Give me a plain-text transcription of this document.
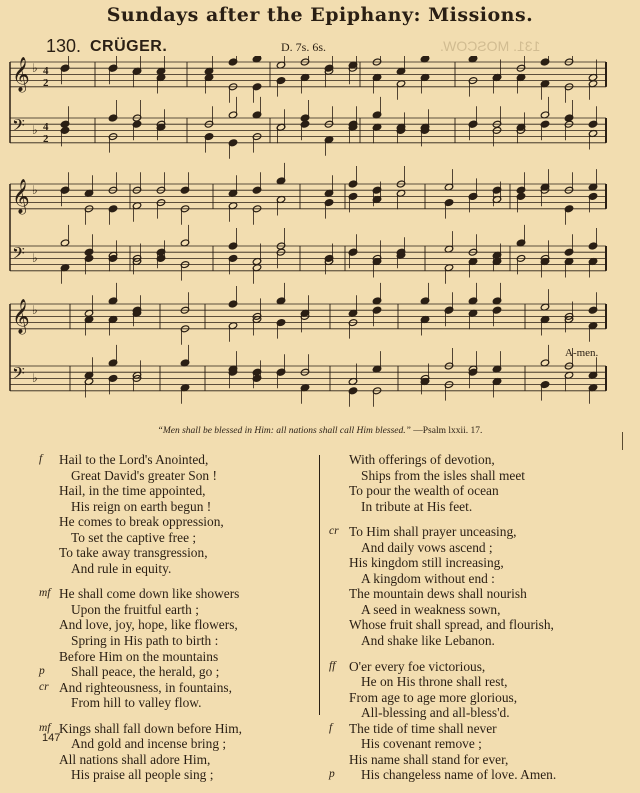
Sundays after the Epiphany: Missions.
130. CRÜGER.	D. 7s. 6s.	131. MOSCOW.
𝄞 ♭ 4
2
𝄢 ♭ 4
2
𝄞 ♭
𝄢 ♭
𝄞 ♭
𝄢 ♭
A-men.
“Men shall be blessed in Him: all nations shall call Him blessed.” —Psalm lxxii. 17.
f Hail to the Lord's Anointed,
Great David's greater Son !
Hail, in the time appointed,
His reign on earth begun !
He comes to break oppression,
To set the captive free ;
To take away transgression,
And rule in equity.
mf He shall come down like showers
Upon the fruitful earth ;
And love, joy, hope, like flowers,
Spring in His path to birth :
Before Him on the mountains
p Shall peace, the herald, go ;
cr And righteousness, in fountains,
From hill to valley flow.
mf Kings shall fall down before Him,
And gold and incense bring ;
All nations shall adore Him,
His praise all people sing ;
With offerings of devotion,
Ships from the isles shall meet
To pour the wealth of ocean
In tribute at His feet.
cr To Him shall prayer unceasing,
And daily vows ascend ;
His kingdom still increasing,
A kingdom without end :
The mountain dews shall nourish
A seed in weakness sown,
Whose fruit shall spread, and flourish,
And shake like Lebanon.
ff O'er every foe victorious,
He on His throne shall rest,
From age to age more glorious,
All-blessing and all-bless'd.
f The tide of time shall never
His covenant remove ;
His name shall stand for ever,
p His changeless name of love. Amen.
147
